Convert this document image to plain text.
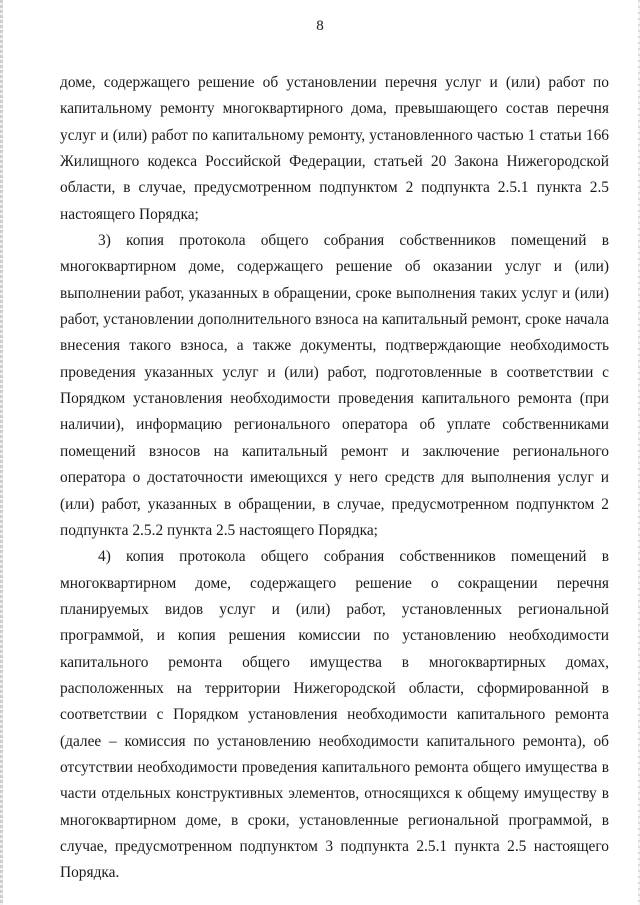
8

доме, содержащего решение об установлении перечня услуг и (или) работ по капитальному ремонту многоквартирного дома, превышающего состав перечня услуг и (или) работ по капитальному ремонту, установленного частью 1 статьи 166 Жилищного кодекса Российской Федерации, статьей 20 Закона Нижегородской области, в случае, предусмотренном подпунктом 2 подпункта 2.5.1 пункта 2.5 настоящего Порядка;

3) копия протокола общего собрания собственников помещений в многоквартирном доме, содержащего решение об оказании услуг и (или) выполнении работ, указанных в обращении, сроке выполнения таких услуг и (или) работ, установлении дополнительного взноса на капитальный ремонт, сроке начала внесения такого взноса, а также документы, подтверждающие необходимость проведения указанных услуг и (или) работ, подготовленные в соответствии с Порядком установления необходимости проведения капитального ремонта (при наличии), информацию регионального оператора об уплате собственниками помещений взносов на капитальный ремонт и заключение регионального оператора о достаточности имеющихся у него средств для выполнения услуг и (или) работ, указанных в обращении, в случае, предусмотренном подпунктом 2 подпункта 2.5.2 пункта 2.5 настоящего Порядка;

4) копия протокола общего собрания собственников помещений в многоквартирном доме, содержащего решение о сокращении перечня планируемых видов услуг и (или) работ, установленных региональной программой, и копия решения комиссии по установлению необходимости капитального ремонта общего имущества в многоквартирных домах, расположенных на территории Нижегородской области, сформированной в соответствии с Порядком установления необходимости капитального ремонта (далее – комиссия по установлению необходимости капитального ремонта), об отсутствии необходимости проведения капитального ремонта общего имущества в части отдельных конструктивных элементов, относящихся к общему имуществу в многоквартирном доме, в сроки, установленные региональной программой, в случае, предусмотренном подпунктом 3 подпункта 2.5.1 пункта 2.5 настоящего Порядка.
